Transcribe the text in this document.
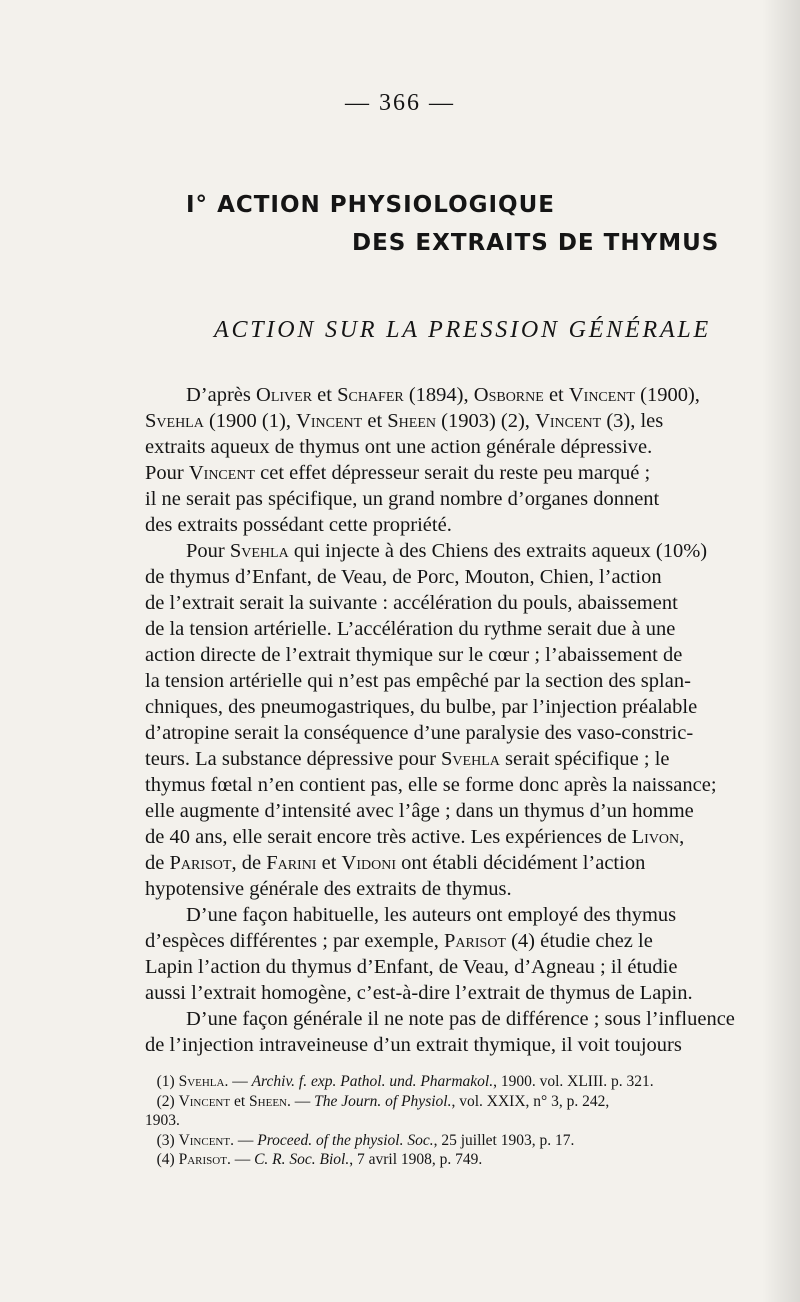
— 366 —
I° ACTION PHYSIOLOGIQUE
DES EXTRAITS DE THYMUS
ACTION SUR LA PRESSION GÉNÉRALE
D’après Oliver et Schafer (1894), Osborne et Vincent (1900),
Svehla (1900 (1), Vincent et Sheen (1903) (2), Vincent (3), les
extraits aqueux de thymus ont une action générale dépressive.
Pour Vincent cet effet dépresseur serait du reste peu marqué ;
il ne serait pas spécifique, un grand nombre d’organes donnent
des extraits possédant cette propriété.
Pour Svehla qui injecte à des Chiens des extraits aqueux (10%)
de thymus d’Enfant, de Veau, de Porc, Mouton, Chien, l’action
de l’extrait serait la suivante : accélération du pouls, abaissement
de la tension artérielle. L’accélération du rythme serait due à une
action directe de l’extrait thymique sur le cœur ; l’abaissement de
la tension artérielle qui n’est pas empêché par la section des splan-
chniques, des pneumogastriques, du bulbe, par l’injection préalable
d’atropine serait la conséquence d’une paralysie des vaso-constric-
teurs. La substance dépressive pour Svehla serait spécifique ; le
thymus fœtal n’en contient pas, elle se forme donc après la naissance;
elle augmente d’intensité avec l’âge ; dans un thymus d’un homme
de 40 ans, elle serait encore très active. Les expériences de Livon,
de Parisot, de Farini et Vidoni ont établi décidément l’action
hypotensive générale des extraits de thymus.
D’une façon habituelle, les auteurs ont employé des thymus
d’espèces différentes ; par exemple, Parisot (4) étudie chez le
Lapin l’action du thymus d’Enfant, de Veau, d’Agneau ; il étudie
aussi l’extrait homogène, c’est-à-dire l’extrait de thymus de Lapin.
D’une façon générale il ne note pas de différence ; sous l’influence
de l’injection intraveineuse d’un extrait thymique, il voit toujours
(1) Svehla. — Archiv. f. exp. Pathol. und. Pharmakol., 1900. vol. XLIII. p. 321.
(2) Vincent et Sheen. — The Journ. of Physiol., vol. XXIX, n° 3, p. 242,
1903.
(3) Vincent. — Proceed. of the physiol. Soc., 25 juillet 1903, p. 17.
(4) Parisot. — C. R. Soc. Biol., 7 avril 1908, p. 749.
